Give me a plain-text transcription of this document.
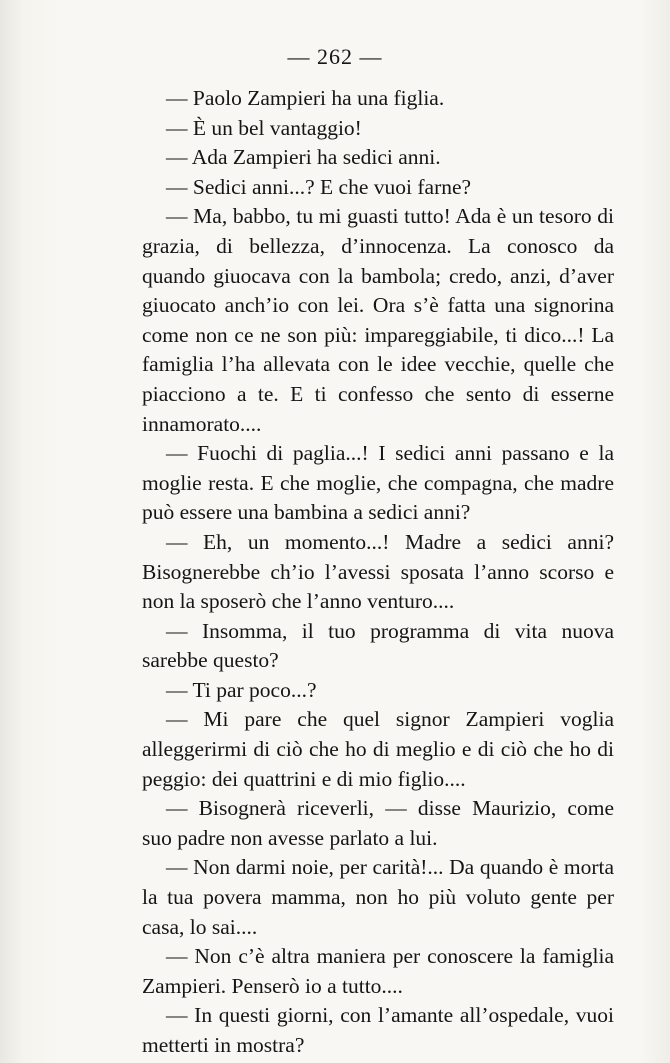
— 262 —

— Paolo Zampieri ha una figlia.

— È un bel vantaggio!

— Ada Zampieri ha sedici anni.

— Sedici anni...? E che vuoi farne?

— Ma, babbo, tu mi guasti tutto! Ada è un tesoro di grazia, di bellezza, d’innocenza. La conosco da quando giuocava con la bambola; credo, anzi, d’aver giuocato anch’io con lei. Ora s’è fatta una signorina come non ce ne son più: impareggiabile, ti dico...! La famiglia l’ha allevata con le idee vecchie, quelle che piacciono a te. E ti confesso che sento di esserne innamorato....

— Fuochi di paglia...! I sedici anni passano e la moglie resta. E che moglie, che compagna, che madre può essere una bambina a sedici anni?

— Eh, un momento...! Madre a sedici anni? Bisognerebbe ch’io l’avessi sposata l’anno scorso e non la sposerò che l’anno venturo....

— Insomma, il tuo programma di vita nuova sarebbe questo?

— Ti par poco...?

— Mi pare che quel signor Zampieri voglia alleggerirmi di ciò che ho di meglio e di ciò che ho di peggio: dei quattrini e di mio figlio....

— Bisognerà riceverli, — disse Maurizio, come suo padre non avesse parlato a lui.

— Non darmi noie, per carità!... Da quando è morta la tua povera mamma, non ho più voluto gente per casa, lo sai....

— Non c’è altra maniera per conoscere la famiglia Zampieri. Penserò io a tutto....

— In questi giorni, con l’amante all’ospedale, vuoi metterti in mostra?
